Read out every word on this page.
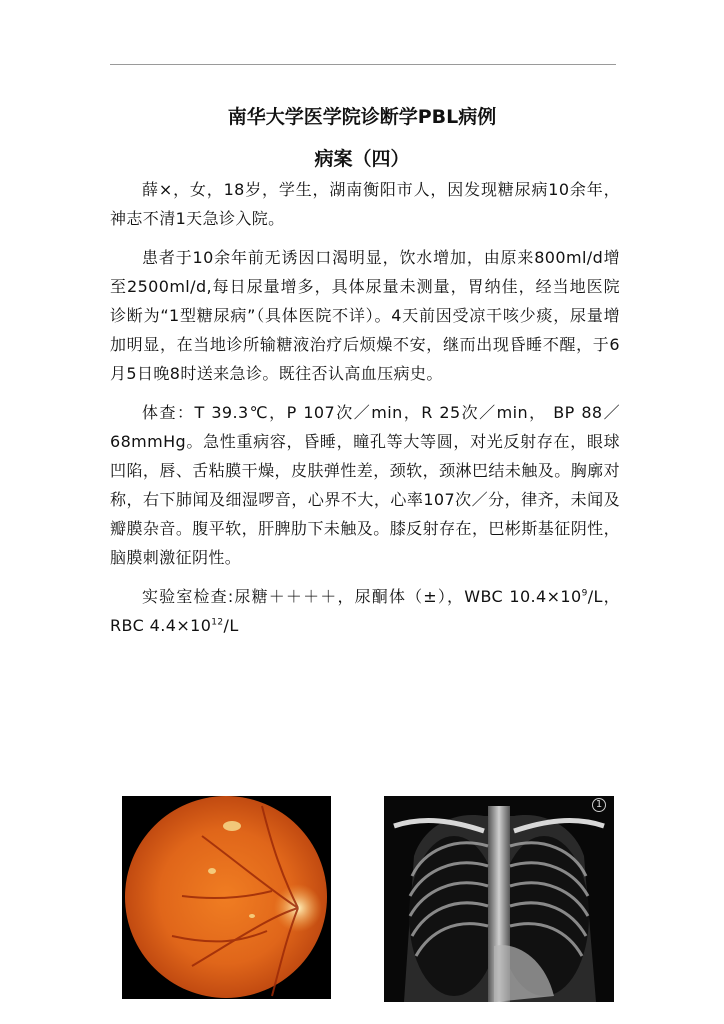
南华大学医学院诊断学PBL病例
病案（四）

薛×，女，18岁，学生，湖南衡阳市人，因发现糖尿病10余年，神志不清1天急诊入院。

患者于10余年前无诱因口渴明显，饮水增加，由原来800ml/d增至2500ml/d,每日尿量增多，具体尿量未测量，胃纳佳，经当地医院诊断为“1型糖尿病”（具体医院不详）。4天前因受凉干咳少痰，尿量增加明显，在当地诊所输糖液治疗后烦燥不安，继而出现昏睡不醒，于6月5日晚8时送来急诊。既往否认高血压病史。

体查：T 39.3℃，P 107次／min，R 25次／min， BP 88／68mmHg。急性重病容，昏睡，瞳孔等大等圆，对光反射存在，眼球凹陷，唇、舌粘膜干燥，皮肤弹性差，颈软，颈淋巴结未触及。胸廓对称，右下肺闻及细湿啰音，心界不大，心率107次／分，律齐，未闻及瓣膜杂音。腹平软，肝脾肋下未触及。膝反射存在，巴彬斯基征阴性，脑膜刺激征阴性。

实验室检查:尿糖＋＋＋＋，尿酮体（±），WBC $10.4\times 10^9/L$，RBC $4.4\times 10^{12}/L$

1
